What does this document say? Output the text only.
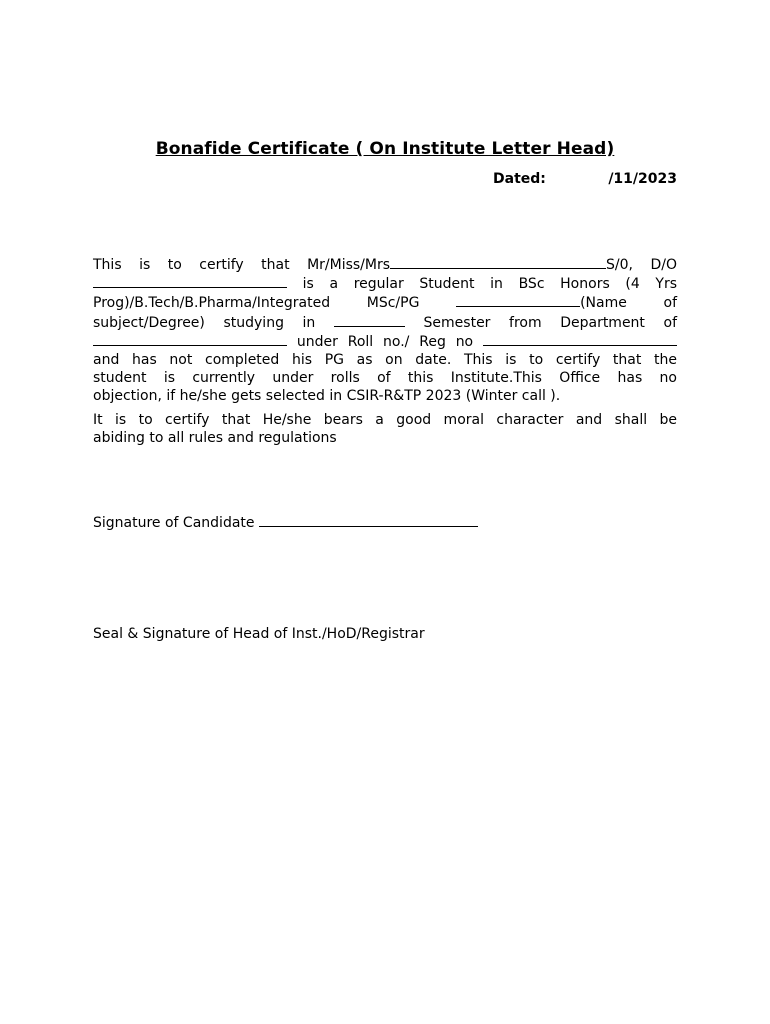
Bonafide Certificate ( On Institute Letter Head)
Dated:	/11/2023
This is to certify that Mr/Miss/Mrs	S/0, D/O
is a regular Student in BSc Honors (4 Yrs
Prog)/B.Tech/B.Pharma/Integrated MSc/PG	(Name of
subject/Degree) studying in	Semester from Department of
under Roll no./ Reg no
and has not completed his PG as on date. This is to certify that the
student is currently under rolls of this Institute.This Office has no
objection, if he/she gets selected in CSIR-R&TP 2023 (Winter call ).
It is to certify that He/she bears a good moral character and shall be
abiding to all rules and regulations
Signature of Candidate
Seal & Signature of Head of Inst./HoD/Registrar
